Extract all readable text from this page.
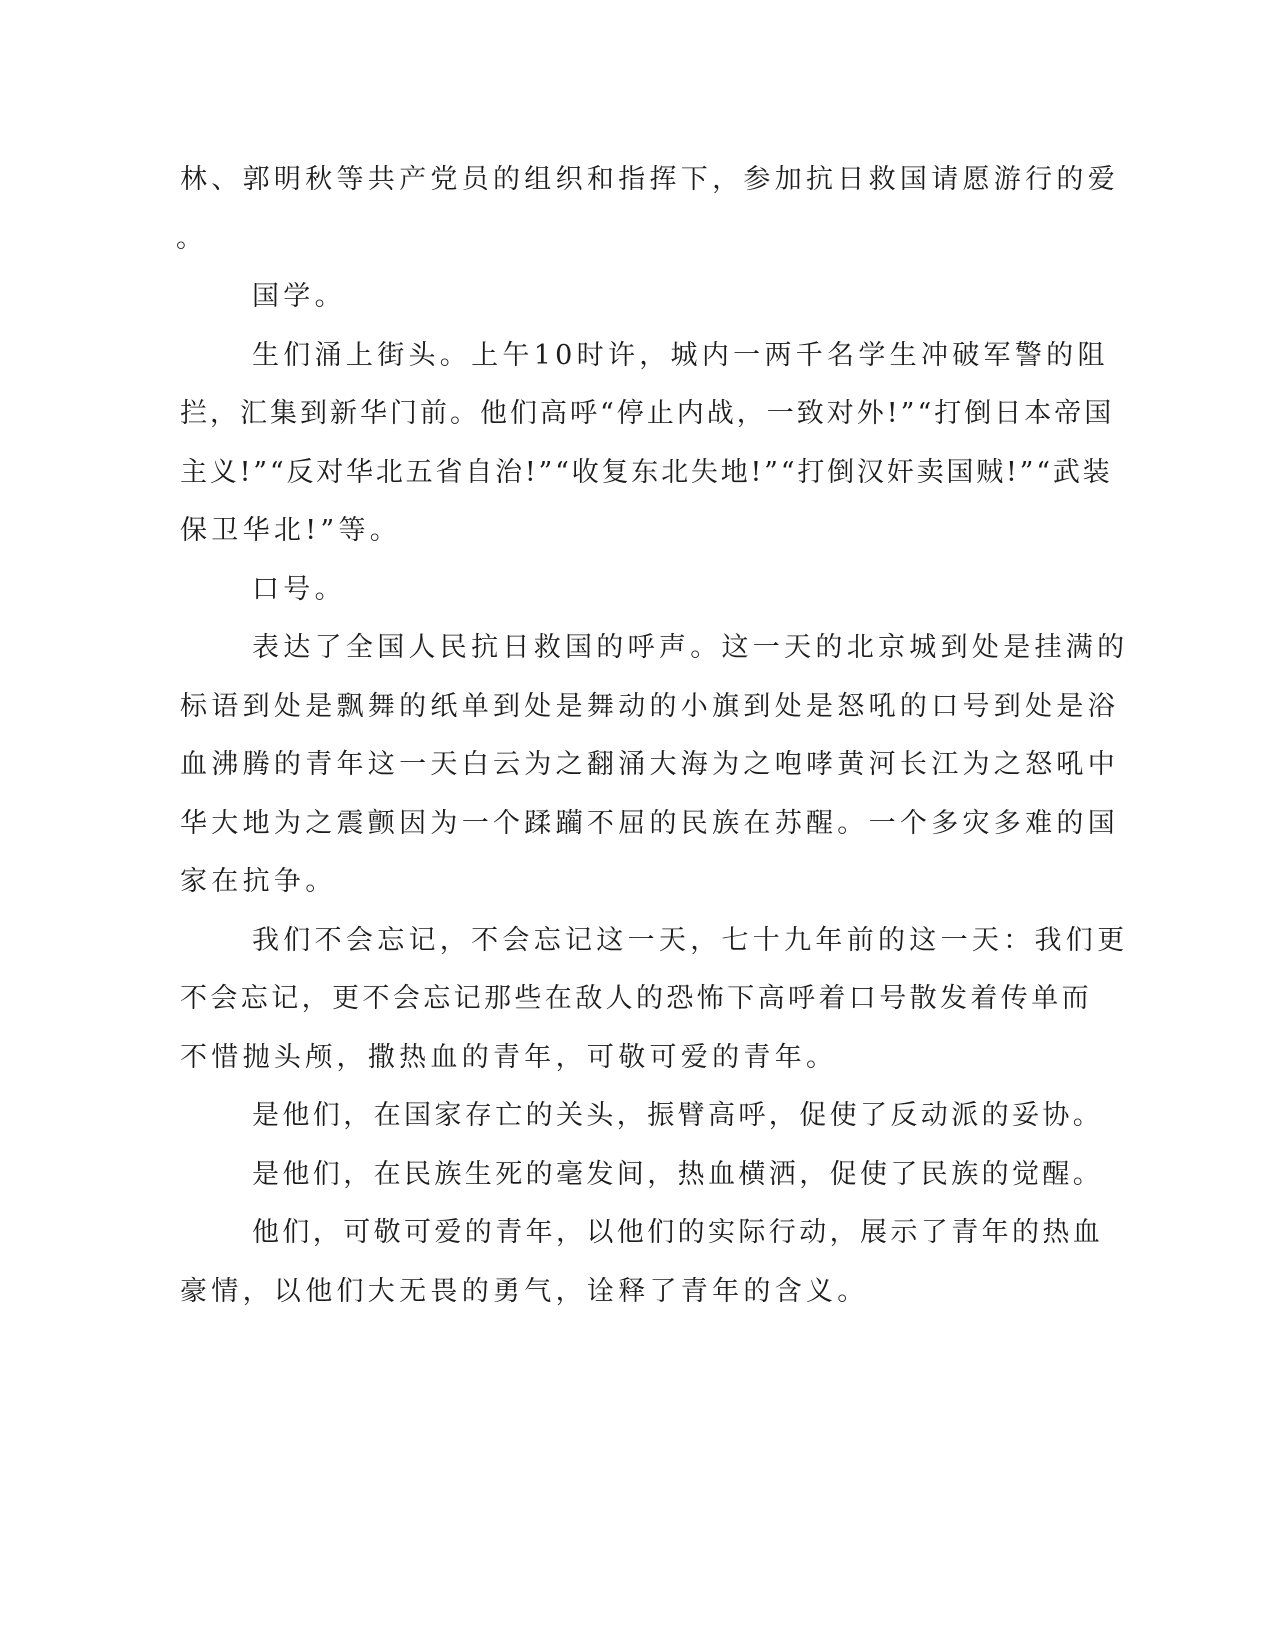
林、郭明秋等共产党员的组织和指挥下，参加抗日救国请愿游行的爱
。
国学。
生们涌上街头。上午10时许，城内一两千名学生冲破军警的阻
拦，汇集到新华门前。他们高呼“停止内战，一致对外!”“打倒日本帝国
主义!”“反对华北五省自治!”“收复东北失地!”“打倒汉奸卖国贼!”“武装
保卫华北!”等。
口号。
表达了全国人民抗日救国的呼声。这一天的北京城到处是挂满的
标语到处是飘舞的纸单到处是舞动的小旗到处是怒吼的口号到处是浴
血沸腾的青年这一天白云为之翻涌大海为之咆哮黄河长江为之怒吼中
华大地为之震颤因为一个蹂躏不屈的民族在苏醒。一个多灾多难的国
家在抗争。
我们不会忘记，不会忘记这一天，七十九年前的这一天：我们更
不会忘记，更不会忘记那些在敌人的恐怖下高呼着口号散发着传单而
不惜抛头颅，撒热血的青年，可敬可爱的青年。
是他们，在国家存亡的关头，振臂高呼，促使了反动派的妥协。
是他们，在民族生死的毫发间，热血横洒，促使了民族的觉醒。
他们，可敬可爱的青年，以他们的实际行动，展示了青年的热血
豪情，以他们大无畏的勇气，诠释了青年的含义。
